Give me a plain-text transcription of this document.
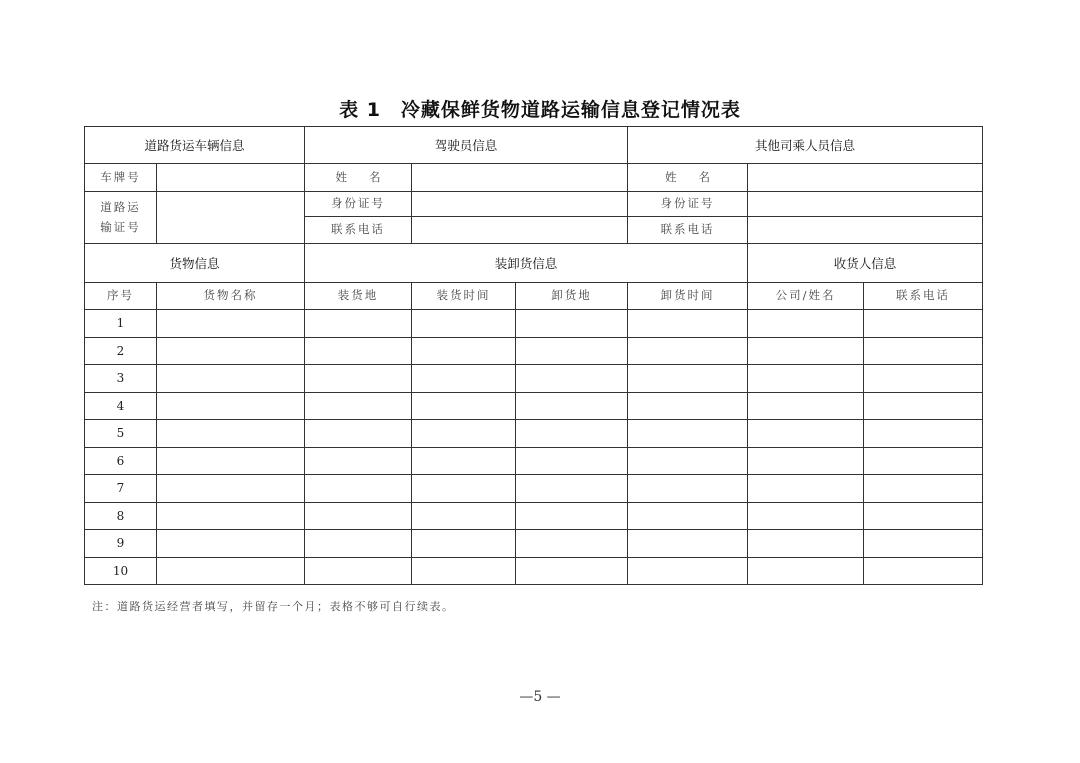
表 1　冷藏保鲜货物道路运输信息登记情况表
道路货运车辆信息		驾驶员信息			其他司乘人员信息		
车牌号		姓名			姓名		
道路运输证号		身份证号			身份证号		
		联系电话			联系电话		
货物信息		装卸货信息				收货人信息	
序号	货物名称	装货地	装货时间	卸货地	卸货时间	公司/姓名	联系电话
1							
2							
3							
4							
5							
6							
7							
8							
9							
10							
注：道路货运经营者填写，并留存一个月；表格不够可自行续表。
—5 —
